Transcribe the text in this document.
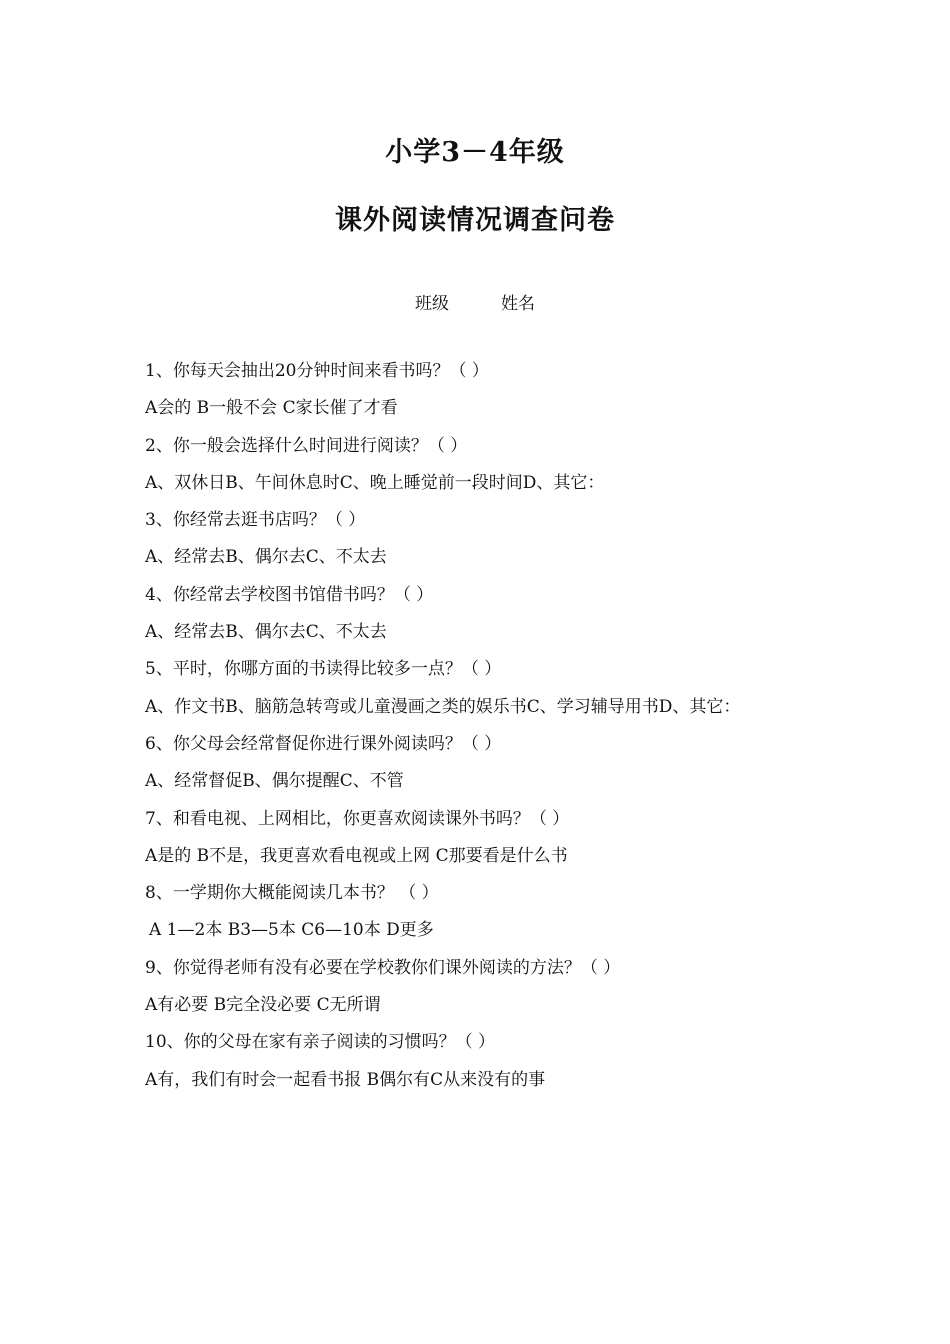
小学3－4年级
课外阅读情况调查问卷
班级	姓名
1、你每天会抽出20分钟时间来看书吗？（ ）
A会的 B一般不会 C家长催了才看
2、你一般会选择什么时间进行阅读？（ ）
A、双休日B、午间休息时C、晚上睡觉前一段时间D、其它：
3、你经常去逛书店吗？（ ）
A、经常去B、偶尔去C、不太去
4、你经常去学校图书馆借书吗？（ ）
A、经常去B、偶尔去C、不太去
5、平时，你哪方面的书读得比较多一点？（ ）
A、作文书B、脑筋急转弯或儿童漫画之类的娱乐书C、学习辅导用书D、其它：
6、你父母会经常督促你进行课外阅读吗？（ ）
A、经常督促B、偶尔提醒C、不管
7、和看电视、上网相比，你更喜欢阅读课外书吗？（ ）
A是的 B不是，我更喜欢看电视或上网 C那要看是什么书
8、一学期你大概能阅读几本书？ （ ）
A 1—2本 B3—5本 C6—10本 D更多
9、你觉得老师有没有必要在学校教你们课外阅读的方法？（ ）
A有必要 B完全没必要 C无所谓
10、你的父母在家有亲子阅读的习惯吗？（ ）
A有，我们有时会一起看书报 B偶尔有C从来没有的事
